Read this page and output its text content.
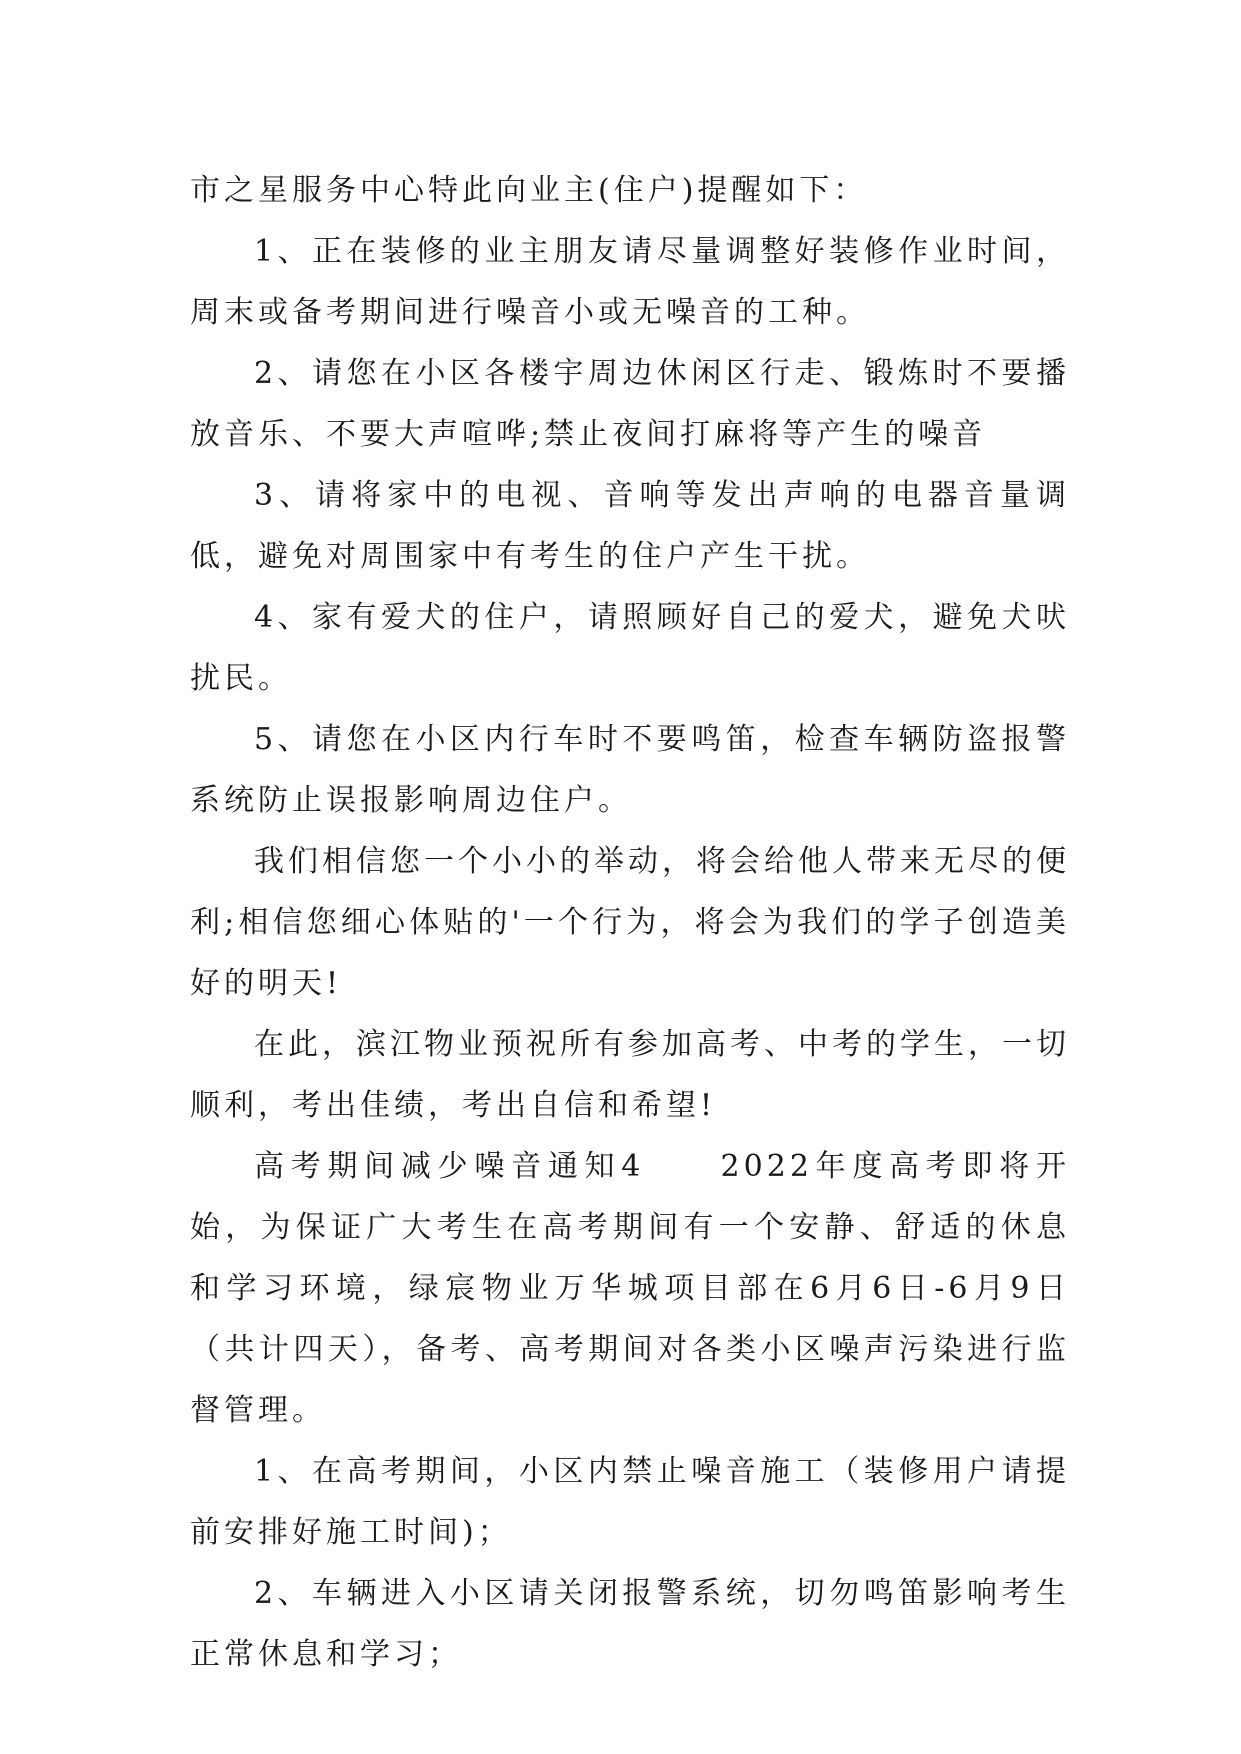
市之星服务中心特此向业主(住户)提醒如下：

1、正在装修的业主朋友请尽量调整好装修作业时间，周末或备考期间进行噪音小或无噪音的工种。

2、请您在小区各楼宇周边休闲区行走、锻炼时不要播放音乐、不要大声喧哗;禁止夜间打麻将等产生的噪音

3、请将家中的电视、音响等发出声响的电器音量调低，避免对周围家中有考生的住户产生干扰。

4、家有爱犬的住户，请照顾好自己的爱犬，避免犬吠扰民。

5、请您在小区内行车时不要鸣笛，检查车辆防盗报警系统防止误报影响周边住户。

我们相信您一个小小的举动，将会给他人带来无尽的便利;相信您细心体贴的'一个行为，将会为我们的学子创造美好的明天!

在此，滨江物业预祝所有参加高考、中考的学生，一切顺利，考出佳绩，考出自信和希望!

高考期间减少噪音通知4　　2022年度高考即将开始，为保证广大考生在高考期间有一个安静、舒适的休息和学习环境，绿宸物业万华城项目部在6月6日-6月9日（共计四天），备考、高考期间对各类小区噪声污染进行监督管理。

1、在高考期间，小区内禁止噪音施工（装修用户请提前安排好施工时间)；

2、车辆进入小区请关闭报警系统，切勿鸣笛影响考生正常休息和学习；
